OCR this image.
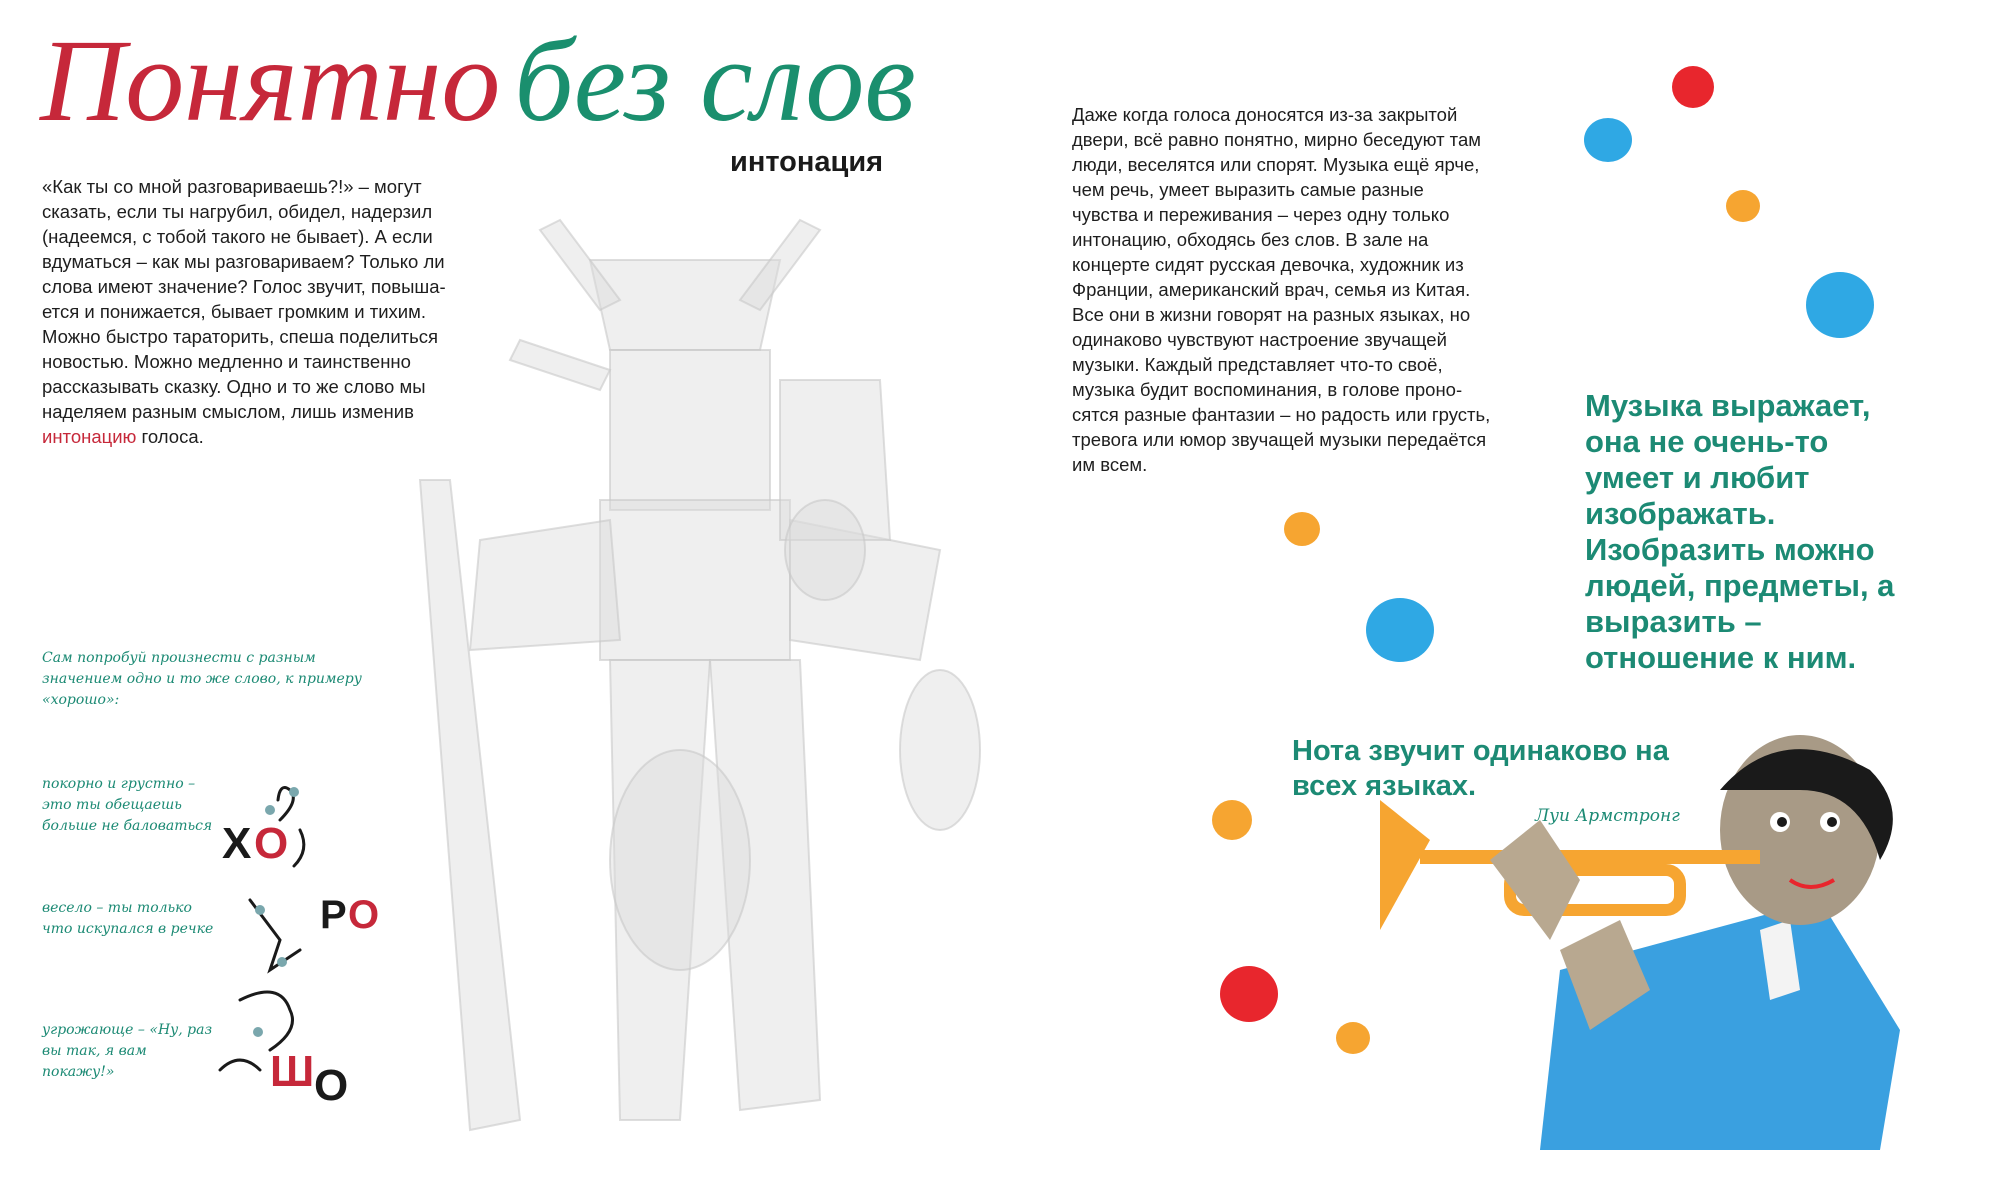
Понятно без слов
интонация
«Как ты со мной разговариваешь?!» – могут сказать, если ты нагрубил, обидел, надерзил (надеемся, с тобой такого не бывает). А если вдуматься – как мы разговариваем? Только ли слова имеют значение? Голос звучит, повыша-ется и понижается, бывает громким и тихим. Можно быстро тараторить, спеша поделиться новостью. Можно медленно и таинственно рассказывать сказку. Одно и то же слово мы наделяем разным смыслом, лишь изменив интонацию голоса.
Даже когда голоса доносятся из-за закрытой двери, всё равно понятно, мирно беседуют там люди, веселятся или спорят. Музыка ещё ярче, чем речь, умеет выразить самые разные чувства и переживания – через одну только интонацию, обходясь без слов. В зале на концерте сидят русская девочка, художник из Франции, американский врач, семья из Китая. Все они в жизни говорят на разных языках, но одинаково чувствуют настроение звучащей музыки. Каждый представляет что-то своё, музыка будит воспоминания, в голове проно-сятся разные фантазии – но радость или грусть, тревога или юмор звучащей музыки передаётся им всем.
Сам попробуй произнести с разным значением одно и то же слово, к примеру «хорошо»:
покорно и грустно – это ты обещаешь больше не баловаться
весело – ты только что искупался в речке
угрожающе – «Ну, раз вы так, я вам покажу!»
Х О
Р О
Ш О
Музыка выражает, она не очень-то умеет и любит изображать. Изобразить можно людей, предметы, а выразить – отношение к ним.
Нота звучит одинаково на всех языках.
Луи Армстронг
